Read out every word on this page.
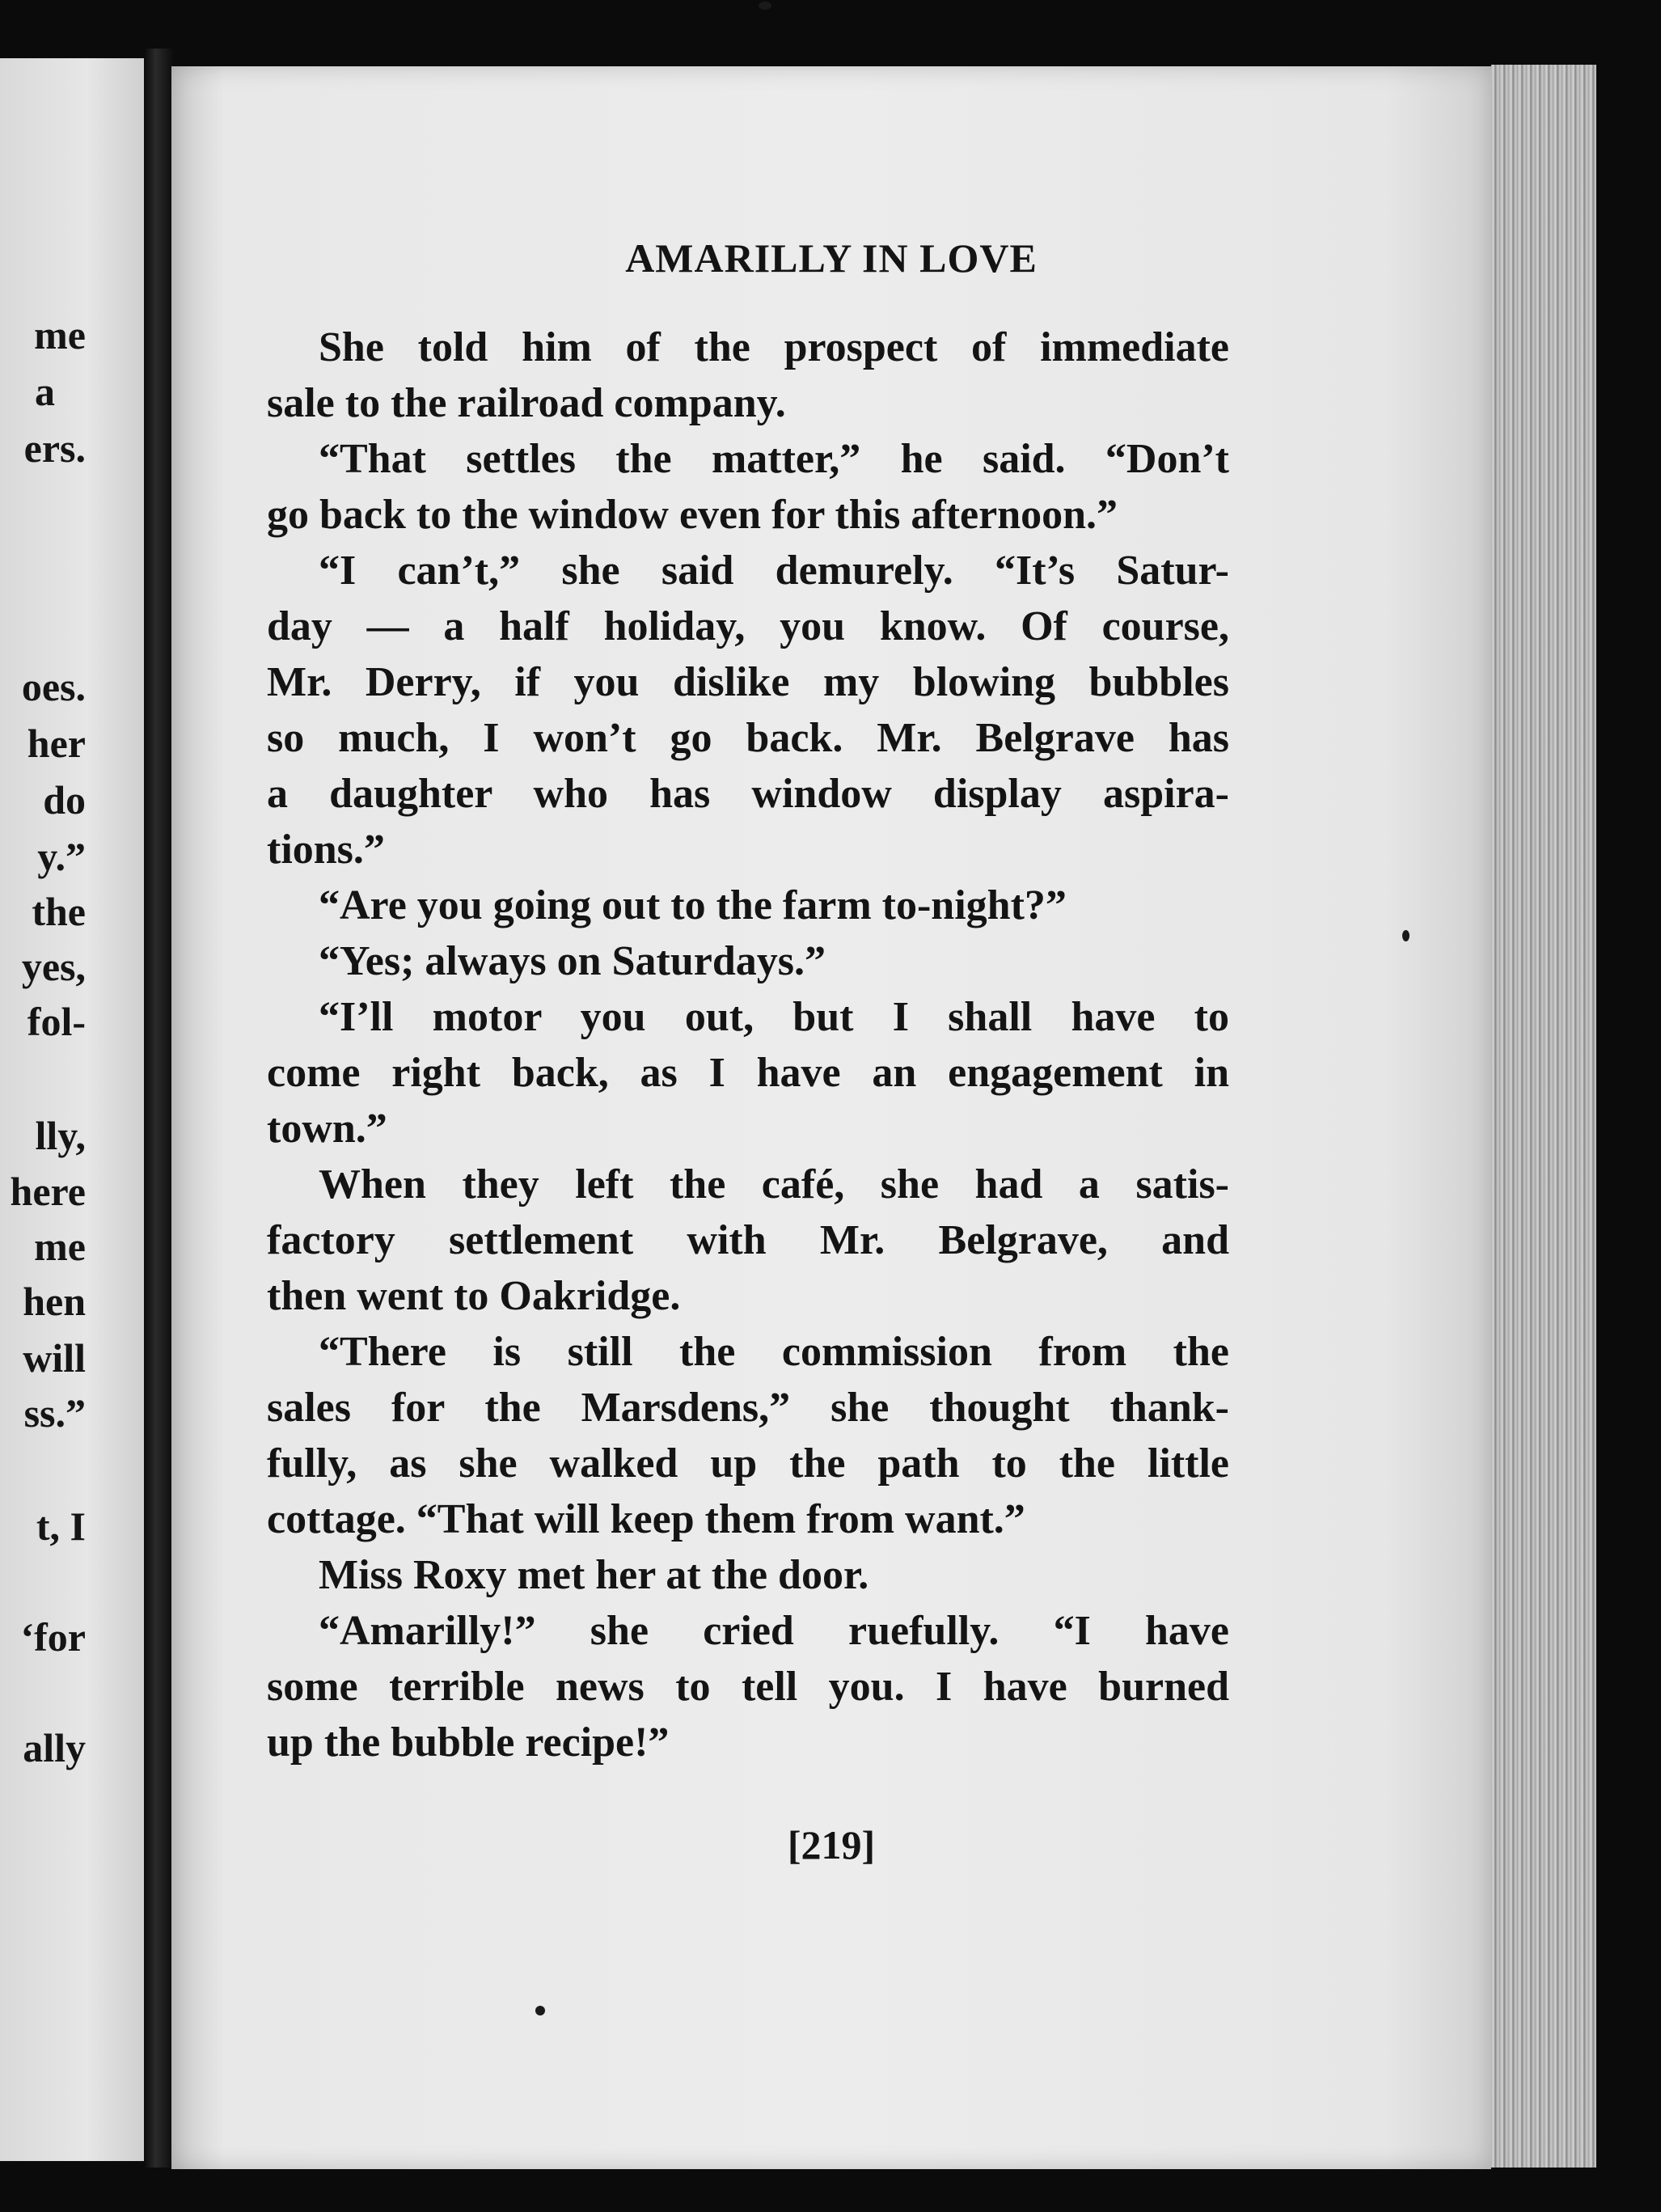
me
a
ers.
oes.
her
do
y.”
the
yes,
fol-
lly,
here
me
hen
will
ss.”
t, I
‘for
ally
AMARILLY IN LOVE
She told him of the prospect of immediate
sale to the railroad company.
“That settles the matter,” he said. “Don’t
go back to the window even for this afternoon.”
“I can’t,” she said demurely. “It’s Satur-
day — a half holiday, you know. Of course,
Mr. Derry, if you dislike my blowing bubbles
so much, I won’t go back. Mr. Belgrave has
a daughter who has window display aspira-
tions.”
“Are you going out to the farm to-night?”
“Yes; always on Saturdays.”
“I’ll motor you out, but I shall have to
come right back, as I have an engagement in
town.”
When they left the café, she had a satis-
factory settlement with Mr. Belgrave, and
then went to Oakridge.
“There is still the commission from the
sales for the Marsdens,” she thought thank-
fully, as she walked up the path to the little
cottage. “That will keep them from want.”
Miss Roxy met her at the door.
“Amarilly!” she cried ruefully. “I have
some terrible news to tell you. I have burned
up the bubble recipe!”
[219]
